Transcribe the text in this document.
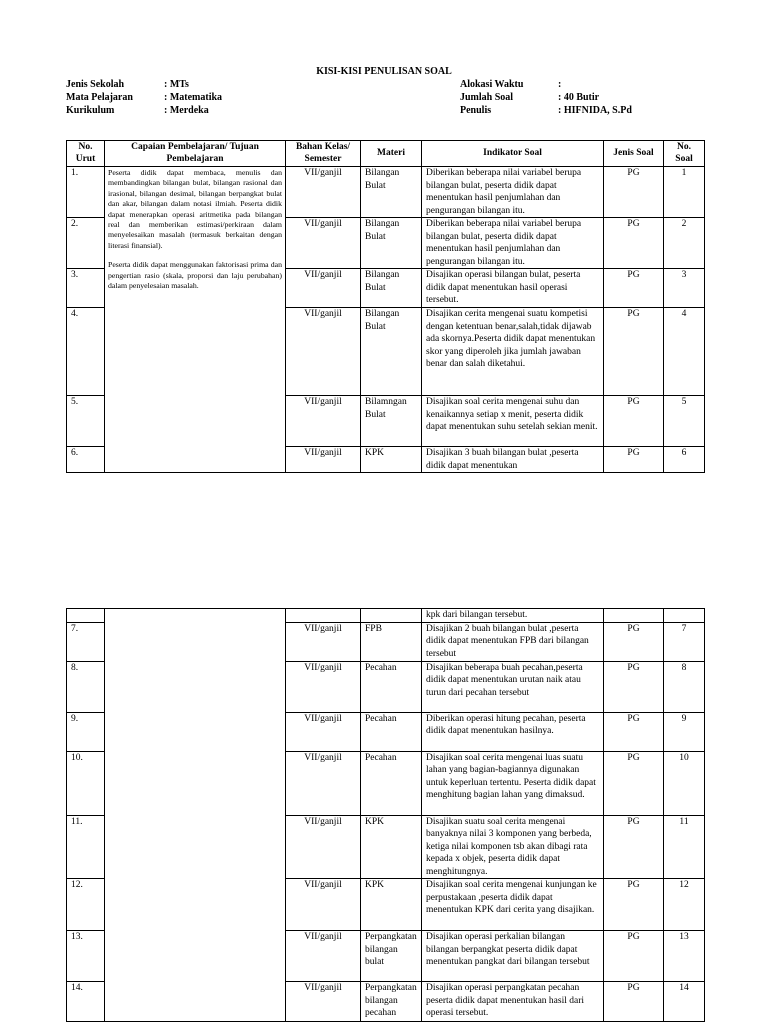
KISI-KISI PENULISAN SOAL
Jenis Sekolah	: MTs
Mata Pelajaran	: Matematika
Kurikulum	: Merdeka
Alokasi Waktu	:
Jumlah Soal	: 40 Butir
Penulis	: HIFNIDA, S.Pd
No. Urut	Capaian Pembelajaran/ Tujuan Pembelajaran	Bahan Kelas/ Semester	Materi	Indikator Soal	Jenis Soal	No. Soal
1.	Peserta didik dapat membaca, menulis dan membandingkan bilangan bulat, bilangan rasional dan irasional, bilangan desimal, bilangan berpangkat bulat dan akar, bilangan dalam notasi ilmiah. Peserta didik dapat menerapkan operasi aritmetika pada bilangan real dan memberikan estimasi/perkiraan dalam menyelesaikan masalah (termasuk berkaitan dengan literasi finansial).

Peserta didik dapat menggunakan faktorisasi prima dan pengertian rasio (skala, proporsi dan laju perubahan) dalam penyelesaian masalah.	VII/ganjil	Bilangan Bulat	Diberikan beberapa nilai variabel berupa bilangan bulat, peserta didik dapat menentukan hasil penjumlahan dan pengurangan bilangan itu.	PG	1
2.		VII/ganjil	Bilangan Bulat	Diberikan beberapa nilai variabel berupa bilangan bulat, peserta didik dapat menentukan hasil penjumlahan dan pengurangan bilangan itu.	PG	2
3.		VII/ganjil	Bilangan Bulat	Disajikan operasi bilangan bulat, peserta didik dapat menentukan hasil operasi tersebut.	PG	3
4.		VII/ganjil	Bilangan Bulat	Disajikan cerita mengenai suatu kompetisi dengan ketentuan benar,salah,tidak dijawab ada skornya.Peserta didik dapat menentukan skor yang diperoleh jika jumlah jawaban benar dan salah diketahui.	PG	4
5.		VII/ganjil	Bilamngan Bulat	Disajikan soal cerita mengenai suhu dan kenaikannya setiap x menit, peserta didik dapat menentukan suhu setelah sekian menit.	PG	5
6.		VII/ganjil	KPK	Disajikan 3 buah bilangan bulat ,peserta didik dapat menentukan	PG	6
				kpk dari bilangan tersebut.		
7.		VII/ganjil	FPB	Disajikan 2 buah bilangan bulat ,peserta didik dapat menentukan FPB dari bilangan tersebut	PG	7
8.		VII/ganjil	Pecahan	Disajikan beberapa buah pecahan,peserta didik dapat menentukan urutan naik atau turun dari pecahan tersebut	PG	8
9.		VII/ganjil	Pecahan	Diberikan operasi hitung pecahan, peserta didik dapat menentukan hasilnya.	PG	9
10.		VII/ganjil	Pecahan	Disajikan soal cerita mengenai luas suatu lahan yang bagian-bagiannya digunakan untuk keperluan tertentu. Peserta didik dapat menghitung bagian lahan yang dimaksud.	PG	10
11.		VII/ganjil	KPK	Disajikan suatu soal cerita mengenai banyaknya nilai 3 komponen yang berbeda, ketiga nilai komponen tsb akan dibagi rata kepada x objek, peserta didik dapat menghitungnya.	PG	11
12.		VII/ganjil	KPK	Disajikan soal cerita mengenai kunjungan ke perpustakaan ,peserta didik dapat menentukan KPK dari cerita yang disajikan.	PG	12
13.		VII/ganjil	Perpangkatan bilangan bulat	Disajikan operasi perkalian bilangan bilangan berpangkat peserta didik dapat menentukan pangkat dari bilangan tersebut	PG	13
14.		VII/ganjil	Perpangkatan bilangan pecahan	Disajikan operasi perpangkatan pecahan peserta didik dapat menentukan hasil dari operasi tersebut.	PG	14
